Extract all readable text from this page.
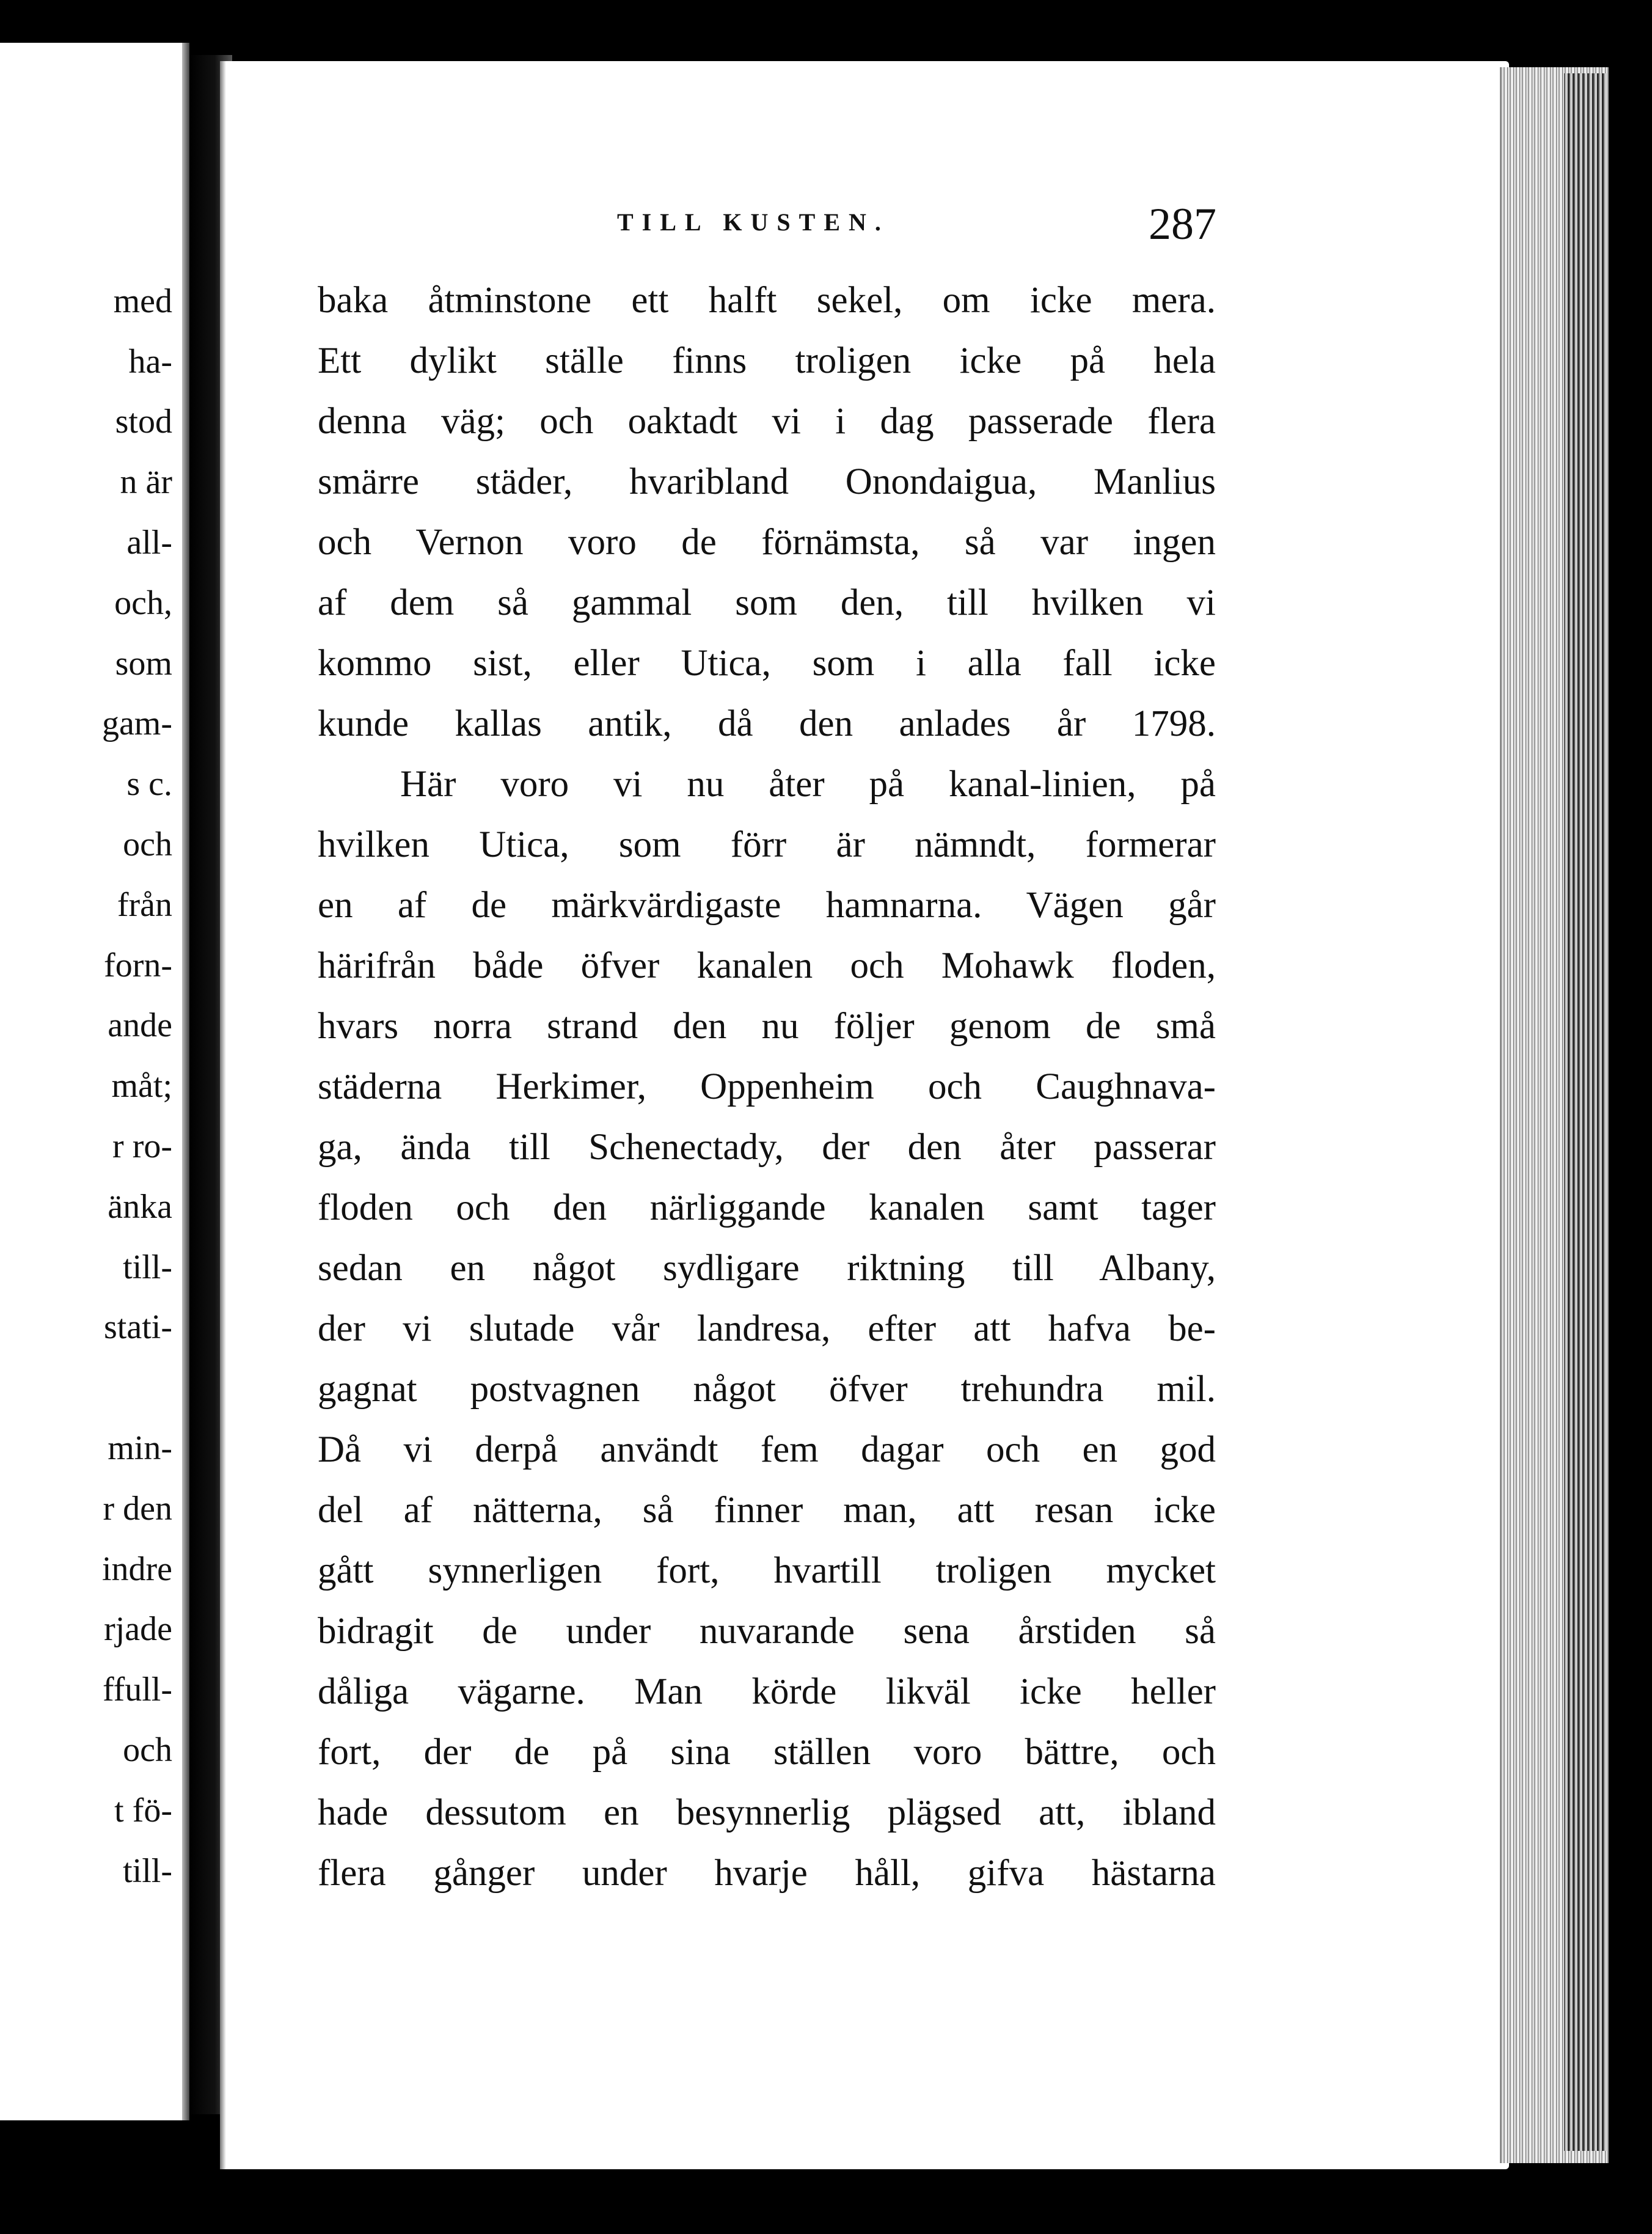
med
ha-
stod
n är
all-
och,
som
gam-
s c.
och
från
forn-
ande
måt;
r ro-
änka
till-
stati-
min-
r den
indre
rjade
ffull-
och
t fö-
till-
TILL KUSTEN.	287
baka åtminstone ett halft sekel, om icke mera.
Ett dylikt ställe finns troligen icke på hela
denna väg; och oaktadt vi i dag passerade flera
smärre städer, hvaribland Onondaigua, Manlius
och Vernon voro de förnämsta, så var ingen
af dem så gammal som den, till hvilken vi
kommo sist, eller Utica, som i alla fall icke
kunde kallas antik, då den anlades år 1798.
Här voro vi nu åter på kanal-linien, på
hvilken Utica, som förr är nämndt, formerar
en af de märkvärdigaste hamnarna. Vägen går
härifrån både öfver kanalen och Mohawk floden,
hvars norra strand den nu följer genom de små
städerna Herkimer, Oppenheim och Caughnava-
ga, ända till Schenectady, der den åter passerar
floden och den närliggande kanalen samt tager
sedan en något sydligare riktning till Albany,
der vi slutade vår landresa, efter att hafva be-
gagnat postvagnen något öfver trehundra mil.
Då vi derpå användt fem dagar och en god
del af nätterna, så finner man, att resan icke
gått synnerligen fort, hvartill troligen mycket
bidragit de under nuvarande sena årstiden så
dåliga vägarne. Man körde likväl icke heller
fort, der de på sina ställen voro bättre, och
hade dessutom en besynnerlig plägsed att, ibland
flera gånger under hvarje håll, gifva hästarna
